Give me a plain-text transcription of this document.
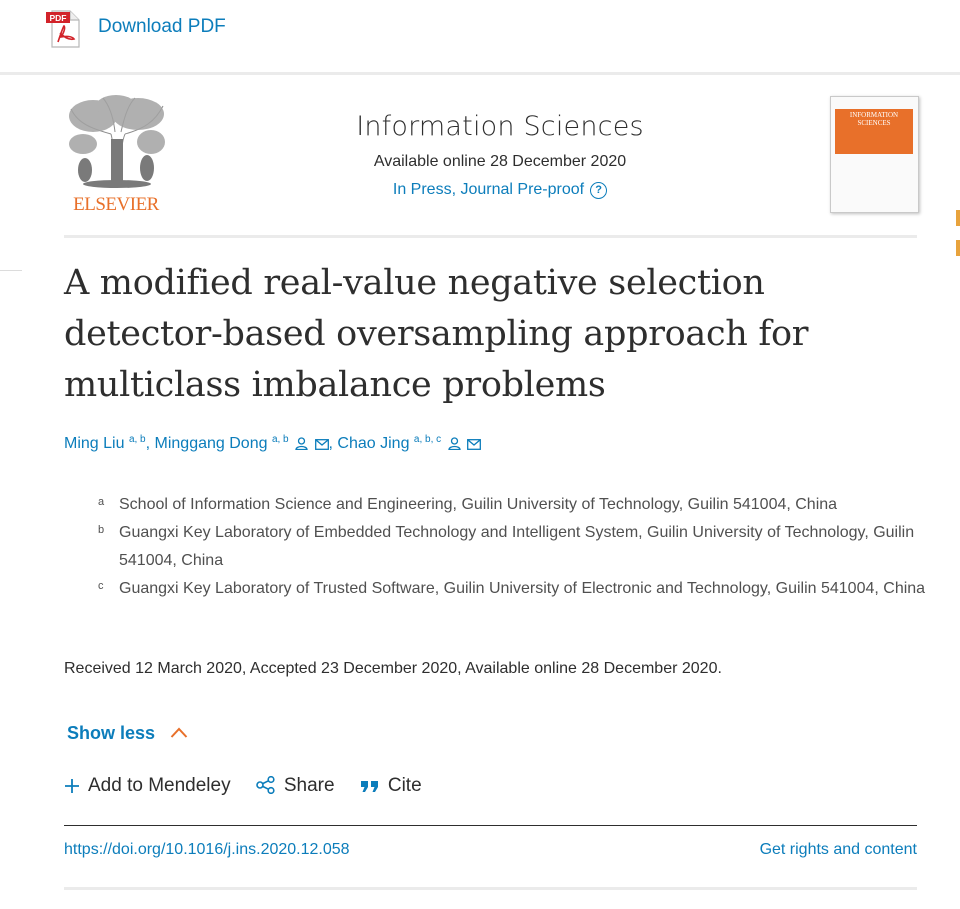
PDF Download PDF
ELSEVIER
Information Sciences
Available online 28 December 2020
In Press, Journal Pre-proof ?
INFORMATION SCIENCES
A modified real-value negative selection detector-based oversampling approach for multiclass imbalance problems
Ming Liu $^{a, b}$, Minggang Dong $^{a, b}$ , Chao Jing $^{a, b, c}$
a School of Information Science and Engineering, Guilin University of Technology, Guilin 541004, China
b Guangxi Key Laboratory of Embedded Technology and Intelligent System, Guilin University of Technology, Guilin 541004, China
c Guangxi Key Laboratory of Trusted Software, Guilin University of Electronic and Technology, Guilin 541004, China
Received 12 March 2020, Accepted 23 December 2020, Available online 28 December 2020.
Show less
Add to Mendeley	Share	Cite
https://doi.org/10.1016/j.ins.2020.12.058	Get rights and content
